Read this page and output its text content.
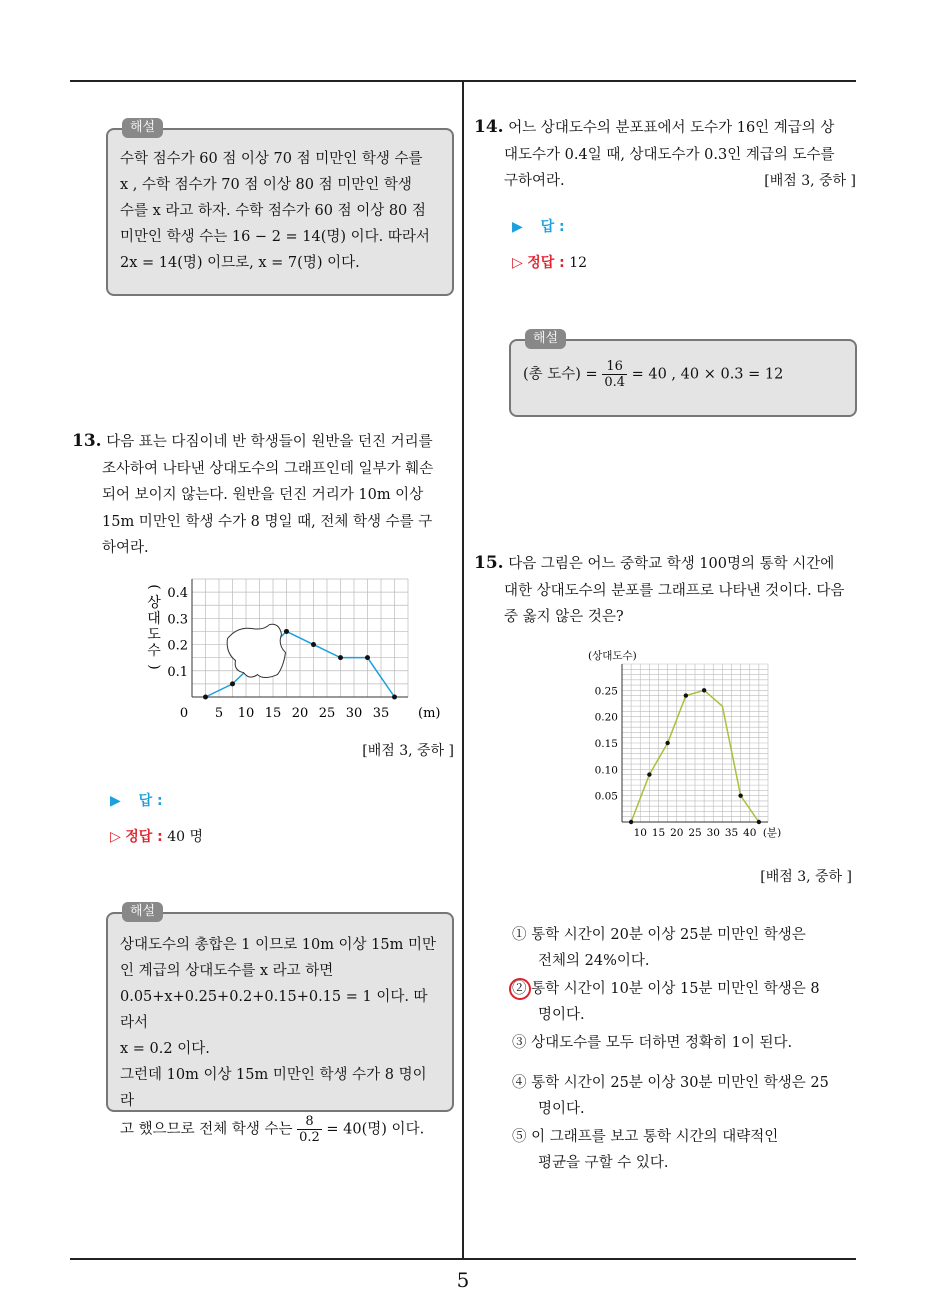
해설
수학 점수가 60 점 이상 70 점 미만인 학생 수를
x , 수학 점수가 70 점 이상 80 점 미만인 학생
수를 x 라고 하자. 수학 점수가 60 점 이상 80 점
미만인 학생 수는 16 − 2 = 14(명) 이다. 따라서
2x = 14(명) 이므로, x = 7(명) 이다.
13. 다음 표는 다짐이네 반 학생들이 원반을 던진 거리를
조사하여 나타낸 상대도수의 그래프인데 일부가 훼손
되어 보이지 않는다. 원반을 던진 거리가 10m 이상
15m 미만인 학생 수가 8 명일 때, 전체 학생 수를 구
하여라.
0.1
0.2
0.3
0.4
0 5 10 15 20 25 30 35 (m)
(
상
대
도
수
)
[배점 3, 중하 ]
▶ 답 :
▷ 정답 : 40 명
해설
상대도수의 총합은 1 이므로 10m 이상 15m 미만
인 계급의 상대도수를 x 라고 하면
0.05+x+0.25+0.2+0.15+0.15 = 1 이다. 따라서
x = 0.2 이다.
그런데 10m 이상 15m 미만인 학생 수가 8 명이라
고 했으므로 전체 학생 수는 $\frac{8}{0.2} = 40$(명) 이다.
14. 어느 상대도수의 분포표에서 도수가 16인 계급의 상
대도수가 0.4일 때, 상대도수가 0.3인 계급의 도수를
구하여라.	[배점 3, 중하 ]
▶ 답 :
▷ 정답 : 12
해설
(총 도수) = $\frac{16}{0.4} = 40$ , 40 × 0.3 = 12
15. 다음 그림은 어느 중학교 학생 100명의 통학 시간에
대한 상대도수의 분포를 그래프로 나타낸 것이다. 다음
중 옳지 않은 것은?
(상대도수)
0.05
0.10
0.15
0.20
0.25
10 15 20 25 30 35 40 (분)
[배점 3, 중하 ]
① 통학 시간이 20분 이상 25분 미만인 학생은
전체의 24%이다.
② 통학 시간이 10분 이상 15분 미만인 학생은 8
명이다.
③ 상대도수를 모두 더하면 정확히 1이 된다.
④ 통학 시간이 25분 이상 30분 미만인 학생은 25
명이다.
⑤ 이 그래프를 보고 통학 시간의 대략적인
평균을 구할 수 있다.
5
